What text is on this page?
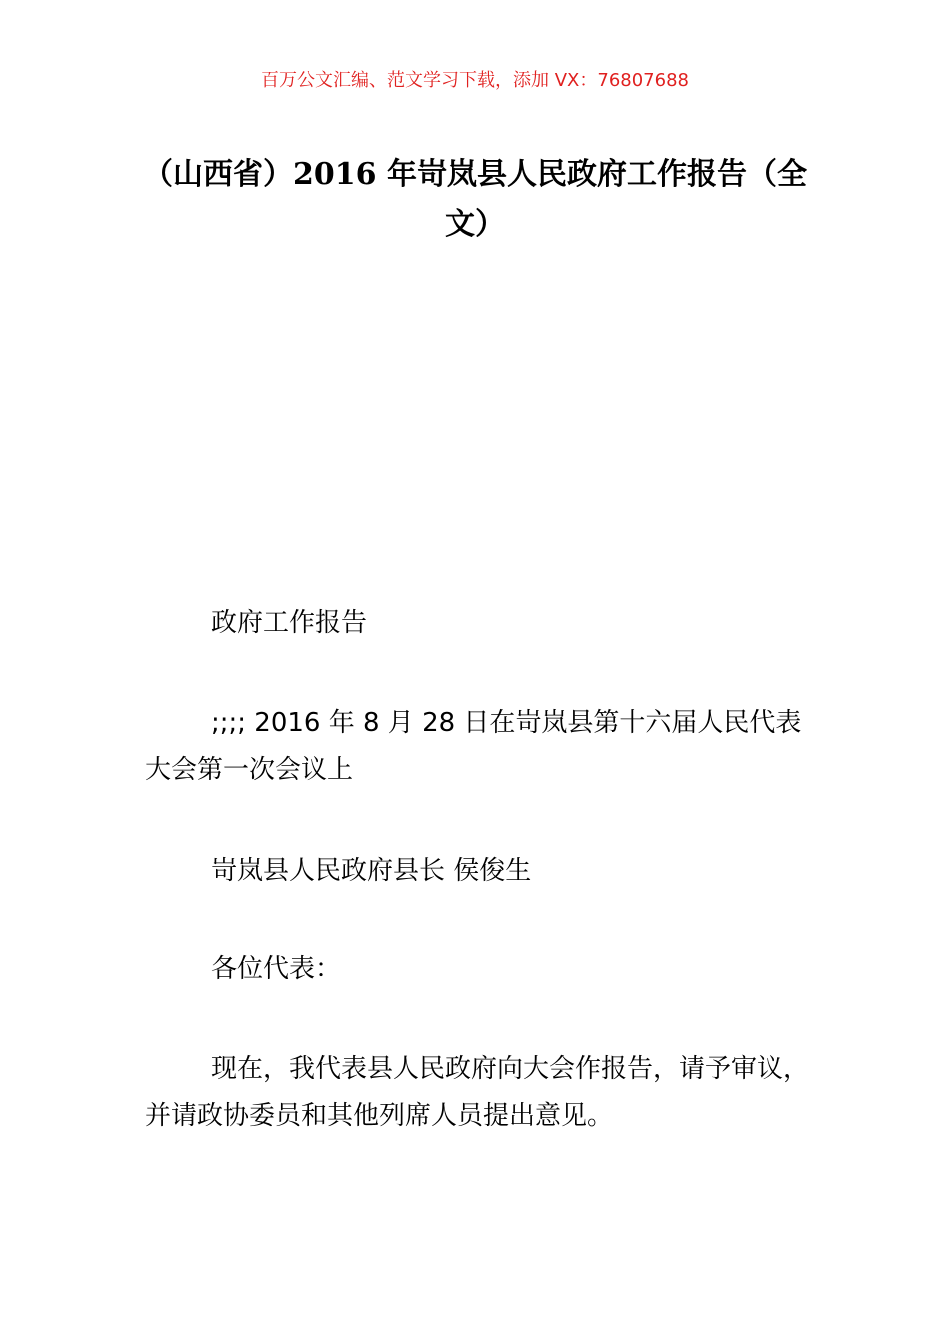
百万公文汇编、范文学习下载，添加 VX：76807688
（山西省）2016 年岢岚县人民政府工作报告（全文）

政府工作报告

;;;; 2016 年 8 月 28 日在岢岚县第十六届人民代表大会第一次会议上

岢岚县人民政府县长 侯俊生

各位代表：

现在，我代表县人民政府向大会作报告，请予审议，并请政协委员和其他列席人员提出意见。
